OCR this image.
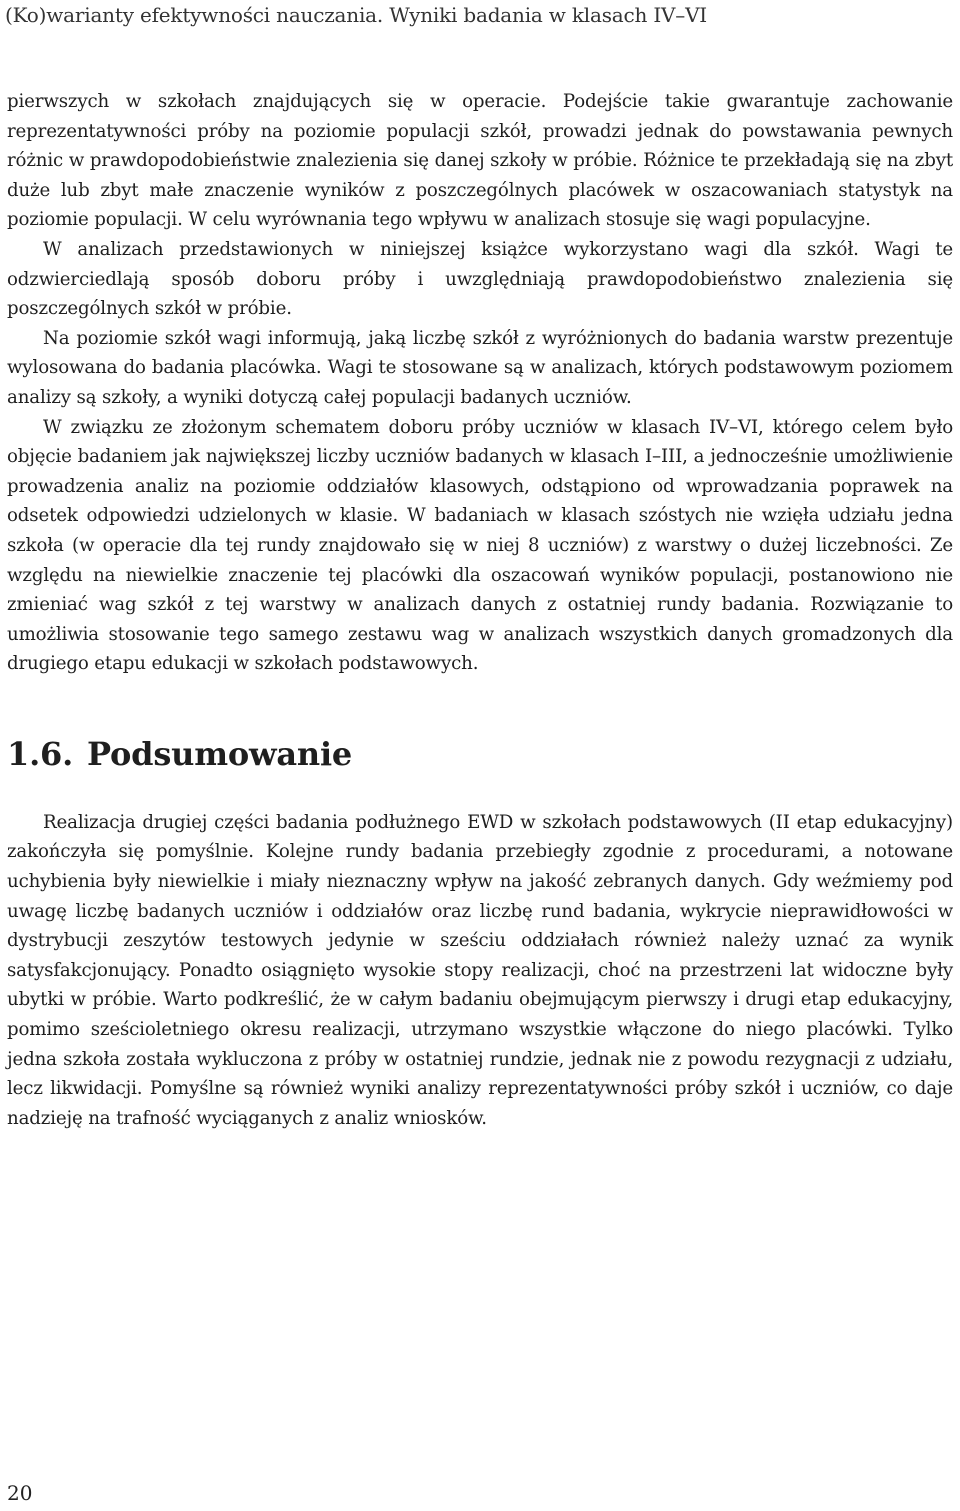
(Ko)warianty efektywności nauczania. Wyniki badania w klasach IV–VI

pierwszych w szkołach znajdujących się w operacie. Podejście takie gwarantuje zachowanie reprezentatywności próby na poziomie populacji szkół, prowadzi jednak do powstawania pewnych różnic w prawdopodobieństwie znalezienia się danej szkoły w próbie. Różnice te przekładają się na zbyt duże lub zbyt małe znaczenie wyników z poszczególnych placówek w oszacowaniach statystyk na poziomie populacji. W celu wyrównania tego wpływu w analizach stosuje się wagi populacyjne.

W analizach przedstawionych w niniejszej książce wykorzystano wagi dla szkół. Wagi te odzwierciedlają sposób doboru próby i uwzględniają prawdopodobieństwo znalezienia się poszczególnych szkół w próbie.

Na poziomie szkół wagi informują, jaką liczbę szkół z wyróżnionych do badania warstw prezentuje wylosowana do badania placówka. Wagi te stosowane są w analizach, których podstawowym poziomem analizy są szkoły, a wyniki dotyczą całej populacji badanych uczniów.

W związku ze złożonym schematem doboru próby uczniów w klasach IV–VI, którego celem było objęcie badaniem jak największej liczby uczniów badanych w klasach I–III, a jednocześnie umożliwienie prowadzenia analiz na poziomie oddziałów klasowych, odstąpiono od wprowadzania poprawek na odsetek odpowiedzi udzielonych w klasie. W badaniach w klasach szóstych nie wzięła udziału jedna szkoła (w operacie dla tej rundy znajdowało się w niej 8 uczniów) z warstwy o dużej liczebności. Ze względu na niewielkie znaczenie tej placówki dla oszacowań wyników populacji, postanowiono nie zmieniać wag szkół z tej warstwy w analizach danych z ostatniej rundy badania. Rozwiązanie to umożliwia stosowanie tego samego zestawu wag w analizach wszystkich danych gromadzonych dla drugiego etapu edukacji w szkołach podstawowych.

1.6. Podsumowanie

Realizacja drugiej części badania podłużnego EWD w szkołach podstawowych (II etap edukacyjny) zakończyła się pomyślnie. Kolejne rundy badania przebiegły zgodnie z procedurami, a notowane uchybienia były niewielkie i miały nieznaczny wpływ na jakość zebranych danych. Gdy weźmiemy pod uwagę liczbę badanych uczniów i oddziałów oraz liczbę rund badania, wykrycie nieprawidłowości w dystrybucji zeszytów testowych jedynie w sześciu oddziałach również należy uznać za wynik satysfakcjonujący. Ponadto osiągnięto wysokie stopy realizacji, choć na przestrzeni lat widoczne były ubytki w próbie. Warto podkreślić, że w całym badaniu obejmującym pierwszy i drugi etap edukacyjny, pomimo sześcioletniego okresu realizacji, utrzymano wszystkie włączone do niego placówki. Tylko jedna szkoła została wykluczona z próby w ostatniej rundzie, jednak nie z powodu rezygnacji z udziału, lecz likwidacji. Pomyślne są również wyniki analizy reprezentatywności próby szkół i uczniów, co daje nadzieję na trafność wyciąganych z analiz wniosków.

20
